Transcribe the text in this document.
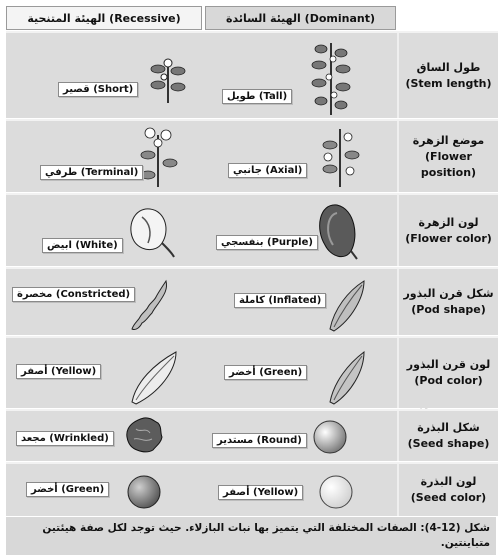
الهيئة المتنحية (Recessive)	الهيئة السائدة (Dominant)
طول الساق
(Stem length)
طويل (Tall)
قصير (Short)
موضع الزهرة
(Flower position)
جانبي (Axial)
طرفي (Terminal)
لون الزهرة
(Flower color)
بنفسجي (Purple)
ابيض (White)
شكل قرن البذور
(Pod shape)
كاملة (Inflated)
مخصرة (Constricted)
لون قرن البذور
(Pod color)
أخضر (Green)
أصفر (Yellow)
شكل البذرة
(Seed shape)
مستدير (Round)
مجعد (Wrinkled)
لون البذرة
(Seed color)
أصفر (Yellow)
أخضر (Green)
شكل (12-4): الصفات المختلفة التي يتميز بها نبات البازلاء. حيث توجد لكل صفة هيئتين متباينتين.
